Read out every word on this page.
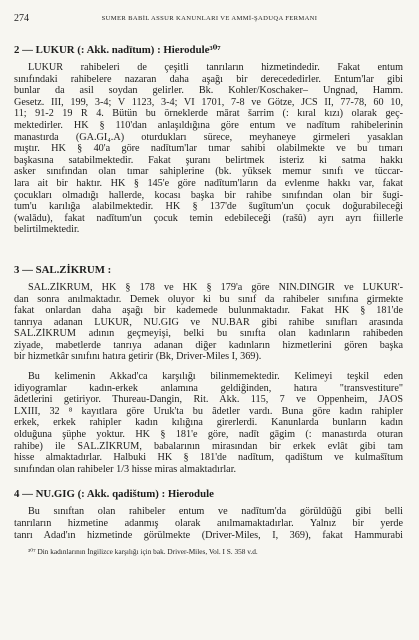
274	SUMER BABİL ASSUR KANUNLARI VE AMMİ-ŞADUQA FERMANI
2 — LUKUR (: Akk. nadītum) : Hierodule³⁰⁷

LUKUR rahibeleri de çeşitli tanrıların hizmetindedir. Fakat entum

sınıfındaki rahibelere nazaran daha aşağı bir derecededirler. Entum'lar gibi

bunlar da asil soydan gelirler. Bk. Kohler/Koschaker– Ungnad, Hamm.

Gesetz. III, 199, 3-4; V 1123, 3-4; VI 1701, 7-8 ve Götze, JCS II, 77-78, 60 10,

11; 91-2 19 R 4. Bütün bu örneklerde mārat šarrim (: kıral kızı) olarak geç-

mektedirler. HK § 110'dan anlaşıldığına göre entum ve nadītum rahibelerinin

manastırda (GA.GI₄.A) oturdukları sürece, meyhaneye girmeleri yasaklan

mıştır. HK § 40'a göre nadītum'lar tımar sahibi olabilmekte ve bu tımarı

başkasına satabilmektedir. Fakat şuranı belirtmek isteriz ki satma hakkı

asker sınıfından olan tımar sahiplerine (bk. yüksek memur sınıfı ve tüccar-

lara ait bir haktır. HK § 145'e göre nadītum'ların da evlenme hakkı var, fakat

çocukları olmadığı hallerde, kocası başka bir rahibe sınıfından olan bir šugi-

tum'u karılığa alabilmektedir. HK § 137'de šugītum'un çocuk doğurabileceği

(walādu), fakat nadītum'un çocuk temin edebileceği (rašû) ayrı ayrı fiillerle

belirtilmektedir.

3 — SAL.ZİKRUM :

SAL.ZİKRUM, HK § 178 ve HK § 179'a göre NIN.DINGIR ve LUKUR'-

dan sonra anılmaktadır. Demek oluyor ki bu sınıf da rahibeler sınıfına girmekte

fakat onlardan daha aşağı bir kademede bulunmaktadır. Fakat HK § 181'de

tanrıya adanan LUKUR, NU.GIG ve NU.BAR gibi rahibe sınıfları arasında

SAL.ZİKRUM adının geçmeyişi, belki bu sınıfta olan kadınların rahibeden

ziyade, mabetlerde tanrıya adanan diğer kadınların hizmetlerini gören başka

bir hizmetkâr sınıfını hatıra getirir (Bk, Driver-Miles I, 369).

Bu kelimenin Akkad'ca karşılığı bilinmemektedir. Kelimeyi teşkil eden

idiyogramlar kadın-erkek anlamına geldiğinden, hatıra "transvestiture"

âdetlerini getiriyor. Thureau-Dangin, Rit. Akk. 115, 7 ve Oppenheim, JAOS

LXIII, 32 ⁸ kayıtlara göre Uruk'ta bu âdetler vardı. Buna göre kadın rahipler

erkek, erkek rahipler kadın kılığına girerlerdi. Kanunlarda bunların kadın

olduğuna şüphe yoktur. HK § 181'e göre, nadīt gāgim (: manastırda oturan

rahibe) ile SAL.ZİKRUM, babalarının mirasından bir erkek evlât gibi tam

hisse almaktadırlar. Halbuki HK § 181'de nadītum, qadištum ve kulmašītum

sınıfından olan rahibeler 1/3 hisse miras almaktadırlar.

4 — NU.GIG (: Akk. qadištum) : Hierodule

Bu sınıftan olan rahibeler entum ve nadītum'da görüldüğü gibi belli

tanrıların hizmetine adanmış olarak anılmamaktadırlar. Yalnız bir yerde

tanrı Adad'ın hizmetinde görülmekte (Driver-Miles, I, 369), fakat Hammurabi

³⁰⁷ Din kadınlarının İngilizce karşılığı için bak. Driver-Miles, Vol. I S. 358 v.d.
